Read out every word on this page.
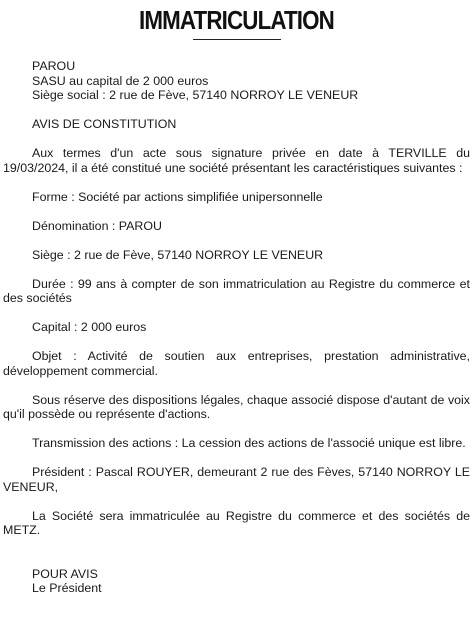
IMMATRICULATION

PAROU
SASU au capital de 2 000 euros
Siège social : 2 rue de Fève, 57140 NORROY LE VENEUR

AVIS DE CONSTITUTION

Aux termes d'un acte sous signature privée en date à TERVILLE du 19/03/2024, il a été constitué une société présentant les caractéristiques suivantes :

Forme : Société par actions simplifiée unipersonnelle

Dénomination : PAROU

Siège : 2 rue de Fève, 57140 NORROY LE VENEUR

Durée : 99 ans à compter de son immatriculation au Registre du commerce et des sociétés

Capital : 2 000 euros

Objet : Activité de soutien aux entreprises, prestation administrative, développement commercial.

Sous réserve des dispositions légales, chaque associé dispose d'autant de voix qu'il possède ou représente d'actions.

Transmission des actions : La cession des actions de l'associé unique est libre.

Président : Pascal ROUYER, demeurant 2 rue des Fèves, 57140 NORROY LE VENEUR,

La Société sera immatriculée au Registre du commerce et des sociétés de METZ.

POUR AVIS
Le Président
